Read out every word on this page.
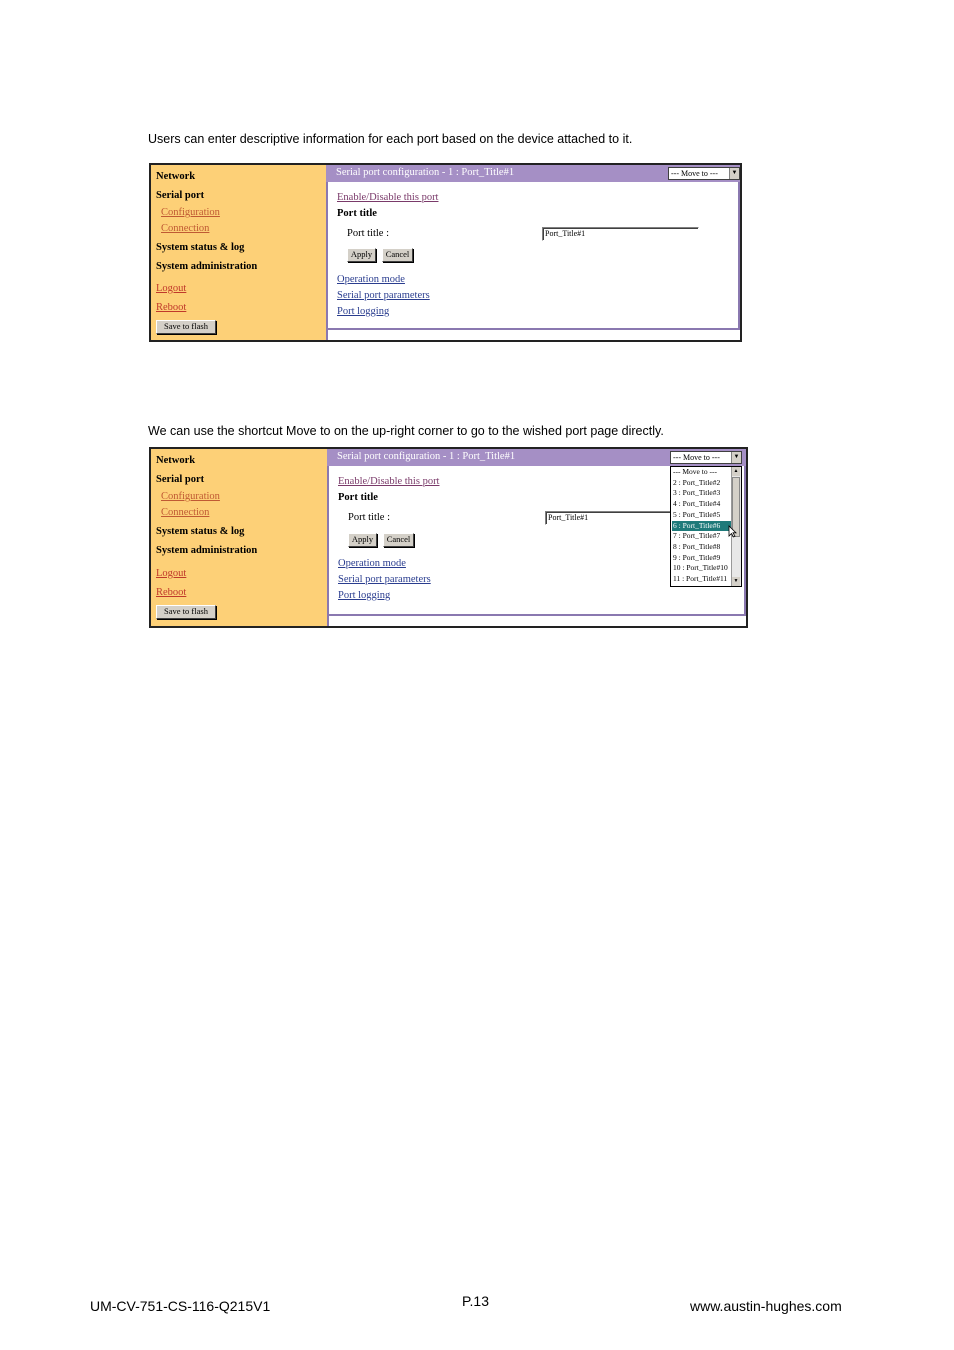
Users can enter descriptive information for each port based on the device attached to it.
Network
Serial port
Configuration
Connection
System status & log
System administration
Logout
Reboot
Save to flash
Serial port configuration - 1 : Port_Title#1	--- Move to ---	▼
Enable/Disable this port
Port title
Port title :	Port_Title#1
Apply	Cancel
Operation mode
Serial port parameters
Port logging
We can use the shortcut Move to on the up-right corner to go to the wished port page directly.
Network
Serial port
Configuration
Connection
System status & log
System administration
Logout
Reboot
Save to flash
Serial port configuration - 1 : Port_Title#1	--- Move to ---	▼
Enable/Disable this port
Port title
Port title :	Port_Title#1
Apply	Cancel
Operation mode
Serial port parameters
Port logging
▲
▼
--- Move to ---
2 : Port_Title#2
3 : Port_Title#3
4 : Port_Title#4
5 : Port_Title#5
6 : Port_Title#6
7 : Port_Title#7
8 : Port_Title#8
9 : Port_Title#9
10 : Port_Title#10
11 : Port_Title#11
UM-CV-751-CS-116-Q215V1	P.13	www.austin-hughes.com
